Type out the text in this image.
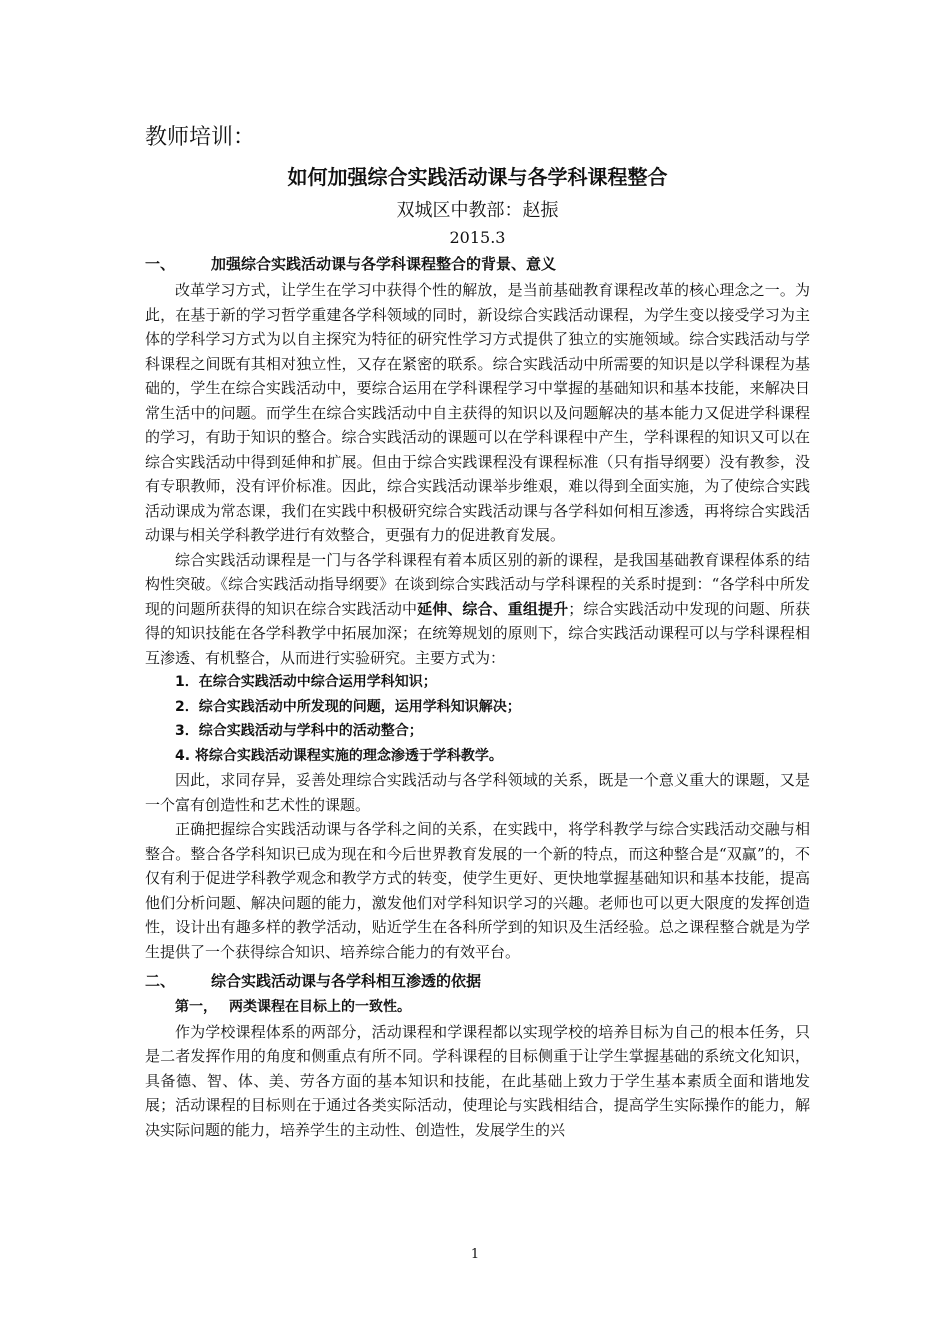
教师培训：
如何加强综合实践活动课与各学科课程整合
双城区中教部：赵振
2015.3
一、	加强综合实践活动课与各学科课程整合的背景、意义

改革学习方式，让学生在学习中获得个性的解放，是当前基础教育课程改革的核心理念之一。为此，在基于新的学习哲学重建各学科领域的同时，新设综合实践活动课程，为学生变以接受学习为主体的学科学习方式为以自主探究为特征的研究性学习方式提供了独立的实施领域。综合实践活动与学科课程之间既有其相对独立性，又存在紧密的联系。综合实践活动中所需要的知识是以学科课程为基础的，学生在综合实践活动中，要综合运用在学科课程学习中掌握的基础知识和基本技能，来解决日常生活中的问题。而学生在综合实践活动中自主获得的知识以及问题解决的基本能力又促进学科课程的学习，有助于知识的整合。综合实践活动的课题可以在学科课程中产生，学科课程的知识又可以在综合实践活动中得到延伸和扩展。但由于综合实践课程没有课程标准（只有指导纲要）没有教参，没有专职教师，没有评价标准。因此，综合实践活动课举步维艰，难以得到全面实施，为了使综合实践活动课成为常态课，我们在实践中积极研究综合实践活动课与各学科如何相互渗透，再将综合实践活动课与相关学科教学进行有效整合，更强有力的促进教育发展。

综合实践活动课程是一门与各学科课程有着本质区别的新的课程，是我国基础教育课程体系的结构性突破。《综合实践活动指导纲要》在谈到综合实践活动与学科课程的关系时提到：“各学科中所发现的问题所获得的知识在综合实践活动中延伸、综合、重组提升；综合实践活动中发现的问题、所获得的知识技能在各学科教学中拓展加深；在统筹规划的原则下，综合实践活动课程可以与学科课程相互渗透、有机整合，从而进行实验研究。主要方式为：

1．在综合实践活动中综合运用学科知识；

2．综合实践活动中所发现的问题，运用学科知识解决；

3．综合实践活动与学科中的活动整合；

4. 将综合实践活动课程实施的理念渗透于学科教学。

因此，求同存异，妥善处理综合实践活动与各学科领域的关系，既是一个意义重大的课题，又是一个富有创造性和艺术性的课题。

正确把握综合实践活动课与各学科之间的关系，在实践中，将学科教学与综合实践活动交融与相整合。整合各学科知识已成为现在和今后世界教育发展的一个新的特点，而这种整合是“双赢”的，不仅有利于促进学科教学观念和教学方式的转变，使学生更好、更快地掌握基础知识和基本技能，提高他们分析问题、解决问题的能力，激发他们对学科知识学习的兴趣。老师也可以更大限度的发挥创造性，设计出有趣多样的教学活动，贴近学生在各科所学到的知识及生活经验。总之课程整合就是为学生提供了一个获得综合知识、培养综合能力的有效平台。

二、	综合实践活动课与各学科相互渗透的依据

第一， 两类课程在目标上的一致性。

作为学校课程体系的两部分，活动课程和学课程都以实现学校的培养目标为自己的根本任务，只是二者发挥作用的角度和侧重点有所不同。学科课程的目标侧重于让学生掌握基础的系统文化知识，具备德、智、体、美、劳各方面的基本知识和技能，在此基础上致力于学生基本素质全面和谐地发展；活动课程的目标则在于通过各类实际活动，使理论与实践相结合，提高学生实际操作的能力，解决实际问题的能力，培养学生的主动性、创造性，发展学生的兴

1
